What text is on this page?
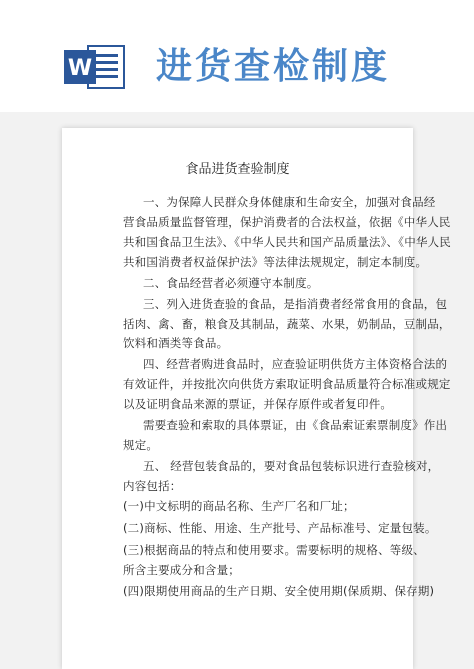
W 进货查检制度
食品进货查验制度
一、为保障人民群众身体健康和生命安全，加强对食品经
营食品质量监督管理，保护消费者的合法权益，依据《中华人民
共和国食品卫生法》、《中华人民共和国产品质量法》、《中华人民
共和国消费者权益保护法》等法律法规规定，制定本制度。
二、食品经营者必须遵守本制度。
三、列入进货查验的食品，是指消费者经常食用的食品，包
括肉、禽、畜，粮食及其制品，蔬菜、水果，奶制品，豆制品，
饮料和酒类等食品。
四、经营者购进食品时，应查验证明供货方主体资格合法的
有效证件，并按批次向供货方索取证明食品质量符合标准或规定
以及证明食品来源的票证，并保存原件或者复印件。
需要查验和索取的具体票证，由《食品索证索票制度》作出
规定。
五、 经营包装食品的，要对食品包装标识进行查验核对，
内容包括：
(一)中文标明的商品名称、生产厂名和厂址；
(二)商标、性能、用途、生产批号、产品标准号、定量包装。
(三)根据商品的特点和使用要求。需要标明的规格、等级、
所含主要成分和含量；
(四)限期使用商品的生产日期、安全使用期(保质期、保存期)
